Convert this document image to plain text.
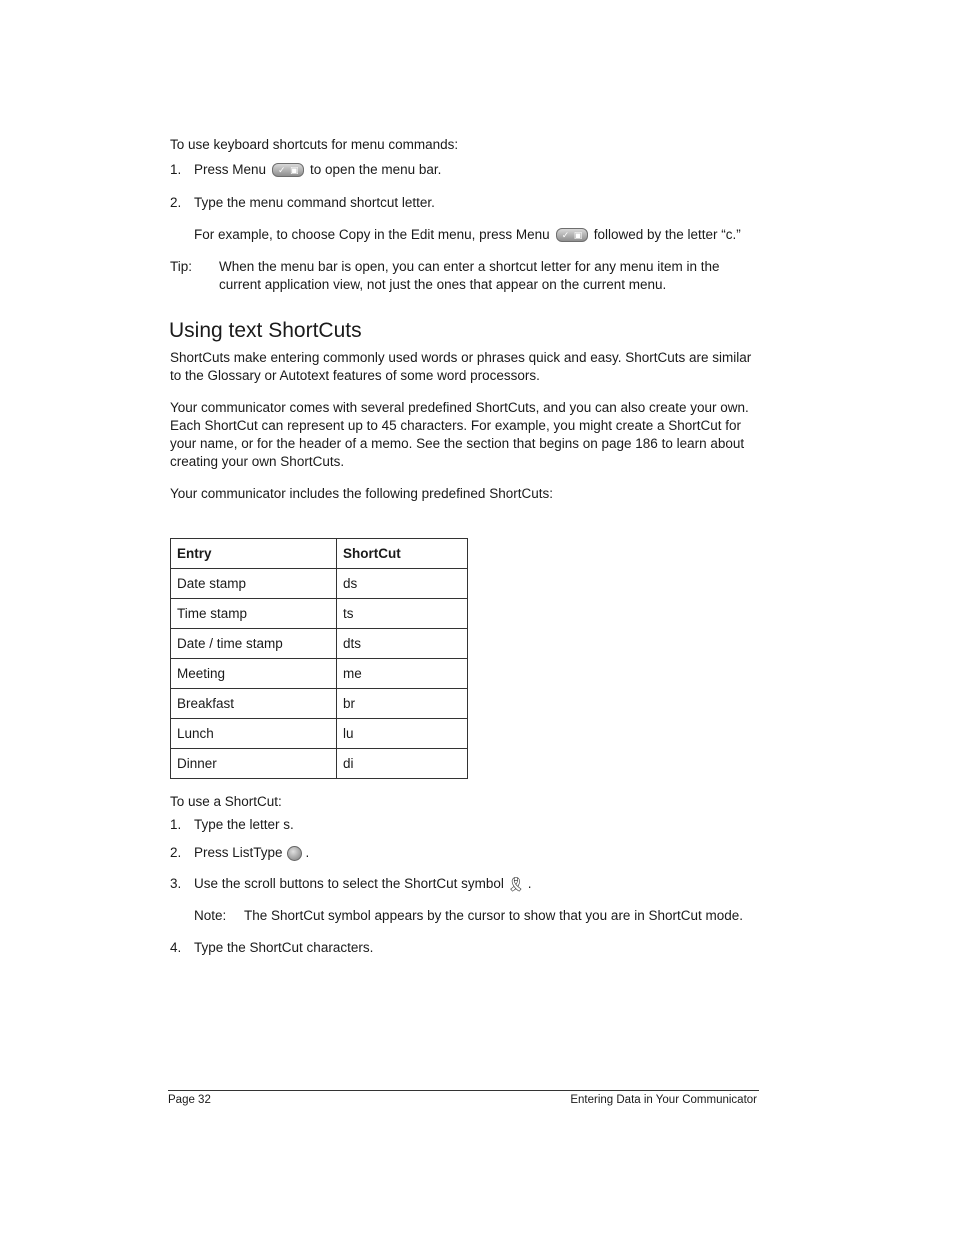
To use keyboard shortcuts for menu commands:
1. Press Menu ✓ ▣	to open the menu bar.
2. Type the menu command shortcut letter.
For example, to choose Copy in the Edit menu, press Menu ✓ ▣	followed by the letter “c.”
Tip: When the menu bar is open, you can enter a shortcut letter for any menu item in the
current application view, not just the ones that appear on the current menu.
Using text ShortCuts
ShortCuts make entering commonly used words or phrases quick and easy. ShortCuts are similar
to the Glossary or Autotext features of some word processors.
Your communicator comes with several predefined ShortCuts, and you can also create your own.
Each ShortCut can represent up to 45 characters. For example, you might create a ShortCut for
your name, or for the header of a memo. See the section that begins on page 186 to learn about
creating your own ShortCuts.
Your communicator includes the following predefined ShortCuts:
Entry	ShortCut
Date stamp	ds
Time stamp	ts
Date / time stamp	dts
Meeting	me
Breakfast	br
Lunch	lu
Dinner	di
To use a ShortCut:
1. Type the letter s.
2. Press ListType .
3. Use the scroll buttons to select the ShortCut symbol 🎗︎ .
Note: The ShortCut symbol appears by the cursor to show that you are in ShortCut mode.
4. Type the ShortCut characters.
Page 32	Entering Data in Your Communicator
